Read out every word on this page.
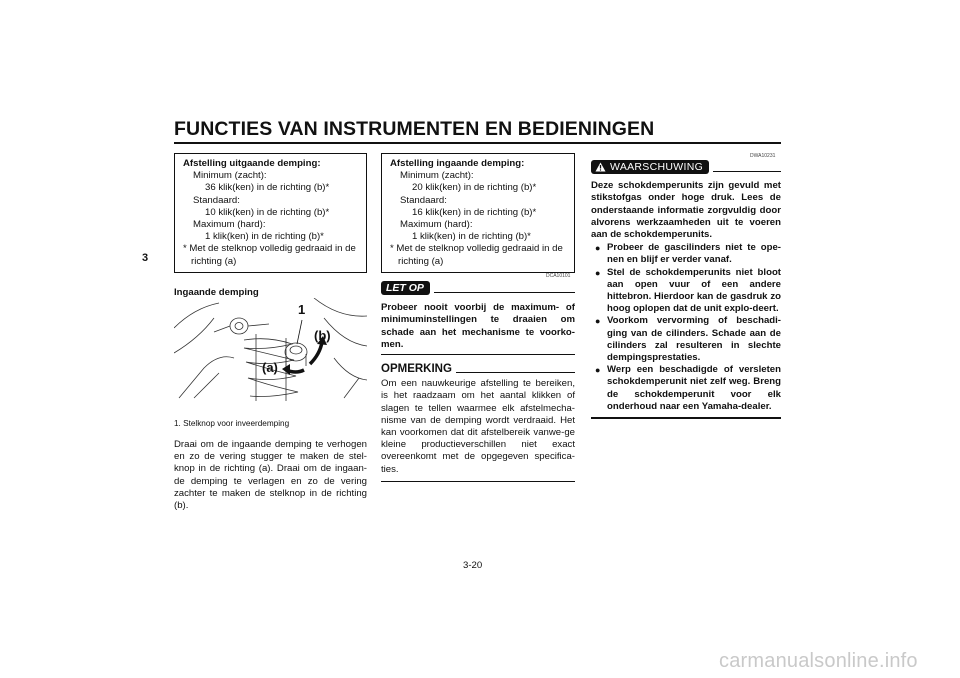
FUNCTIES VAN INSTRUMENTEN EN BEDIENINGEN
3
Afstelling uitgaande demping:
Minimum (zacht):
36 klik(ken) in de richting (b)*
Standaard:
10 klik(ken) in de richting (b)*
Maximum (hard):
1 klik(ken) in de richting (b)*
* Met de stelknop volledig gedraaid in de richting (a)
Ingaande demping
1
(b)
(a)
1. Stelknop voor inveerdemping
Draai om de ingaande demping te verhogen en zo de vering stugger te maken de stel-knop in de richting (a). Draai om de ingaan-de demping te verlagen en zo de vering zachter te maken de stelknop in de richting (b).
Afstelling ingaande demping:
Minimum (zacht):
20 klik(ken) in de richting (b)*
Standaard:
16 klik(ken) in de richting (b)*
Maximum (hard):
1 klik(ken) in de richting (b)*
* Met de stelknop volledig gedraaid in de richting (a)
DCA10101
LET OP
Probeer nooit voorbij de maximum- of minimuminstellingen te draaien om schade aan het mechanisme te voorko-men.
OPMERKING
Om een nauwkeurige afstelling te bereiken, is het raadzaam om het aantal klikken of slagen te tellen waarmee elk afstelmecha-nisme van de demping wordt verdraaid. Het kan voorkomen dat dit afstelbereik vanwe-ge kleine productieverschillen niet exact overeenkomt met de opgegeven specifica-ties.
DWA10231
WAARSCHUWING
Deze schokdemperunits zijn gevuld met stikstofgas onder hoge druk. Lees de onderstaande informatie zorgvuldig door alvorens werkzaamheden uit te voeren aan de schokdemperunits.
● Probeer de gascilinders niet te ope-nen en blijf er verder vanaf.
● Stel de schokdemperunits niet bloot aan open vuur of een andere hittebron. Hierdoor kan de gasdruk zo hoog oplopen dat de unit explo-deert.
● Voorkom vervorming of beschadi-ging van de cilinders. Schade aan de cilinders zal resulteren in slechte dempingsprestaties.
● Werp een beschadigde of versleten schokdemperunit niet zelf weg. Breng de schokdemperunit voor elk onderhoud naar een Yamaha-dealer.
3-20
carmanualsonline.info
